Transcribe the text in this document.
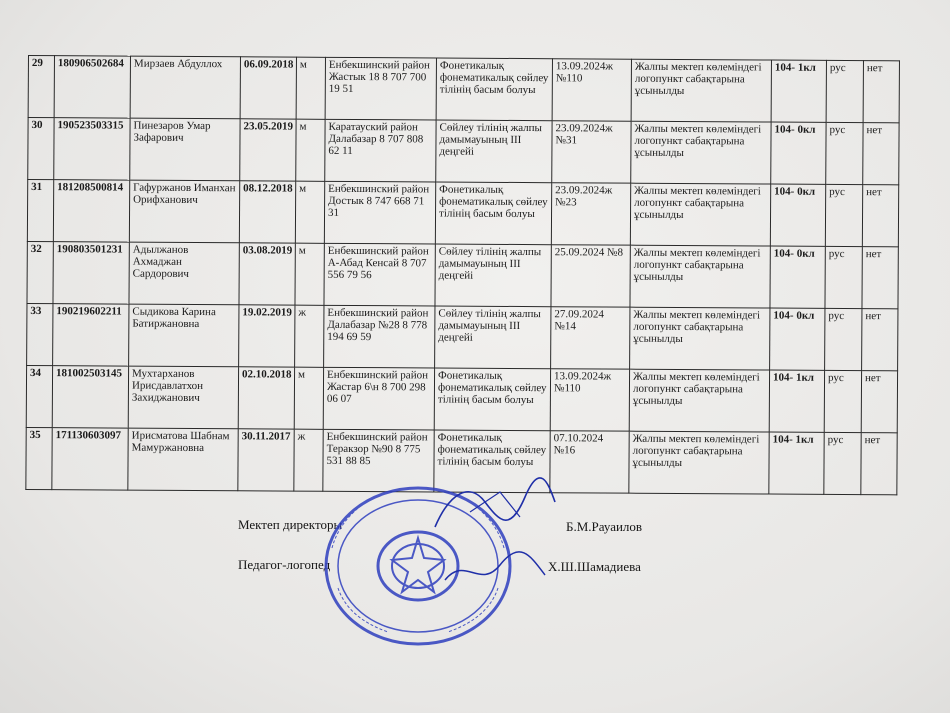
29	180906502684	Мирзаев Абдуллох	06.09.2018	м	Енбекшинский район Жастык 18 8 707 700 19 51	Фонетикалық фонематикалық сөйлеу тілінің басым болуы	13.09.2024ж №110	Жалпы мектеп көлеміндегі логопункт сабақтарына ұсынылды	104- 1кл	рус	нет
30	190523503315	Пинезаров Умар Зафарович	23.05.2019	м	Каратауский район Далабазар 8 707 808 62 11	Сөйлеу тілінің жалпы дамымауының ІІІ деңгейі	23.09.2024ж №31	Жалпы мектеп көлеміндегі логопункт сабақтарына ұсынылды	104- 0кл	рус	нет
31	181208500814	Гафуржанов Иманхан Орифханович	08.12.2018	м	Енбекшинский район Достык 8 747 668 71 31	Фонетикалық фонематикалық сөйлеу тілінің басым болуы	23.09.2024ж №23	Жалпы мектеп көлеміндегі логопункт сабақтарына ұсынылды	104- 0кл	рус	нет
32	190803501231	Адылжанов Ахмаджан Сардорович	03.08.2019	м	Енбекшинский район А-Абад Кенсай 8 707 556 79 56	Сөйлеу тілінің жалпы дамымауының ІІІ деңгейі	25.09.2024 №8	Жалпы мектеп көлеміндегі логопункт сабақтарына ұсынылды	104- 0кл	рус	нет
33	190219602211	Сыдикова Карина Батиржановна	19.02.2019	ж	Енбекшинский район Далабазар №28 8 778 194 69 59	Сөйлеу тілінің жалпы дамымауының ІІІ деңгейі	27.09.2024 №14	Жалпы мектеп көлеміндегі логопункт сабақтарына ұсынылды	104- 0кл	рус	нет
34	181002503145	Мухтарханов Ирисдавлатхон Захиджанович	02.10.2018	м	Енбекшинский район Жастар 6\н 8 700 298 06 07	Фонетикалық фонематикалық сөйлеу тілінің басым болуы	13.09.2024ж №110	Жалпы мектеп көлеміндегі логопункт сабақтарына ұсынылды	104- 1кл	рус	нет
35	171130603097	Ирисматова Шабнам Мамуржановна	30.11.2017	ж	Енбекшинский район Теракзор №90 8 775 531 88 85	Фонетикалық фонематикалық сөйлеу тілінің басым болуы	07.10.2024 №16	Жалпы мектеп көлеміндегі логопункт сабақтарына ұсынылды	104- 1кл	рус	нет
Мектеп директоры	Б.М.Рауаилов
Педагог-логопед	Х.Ш.Шамадиева
